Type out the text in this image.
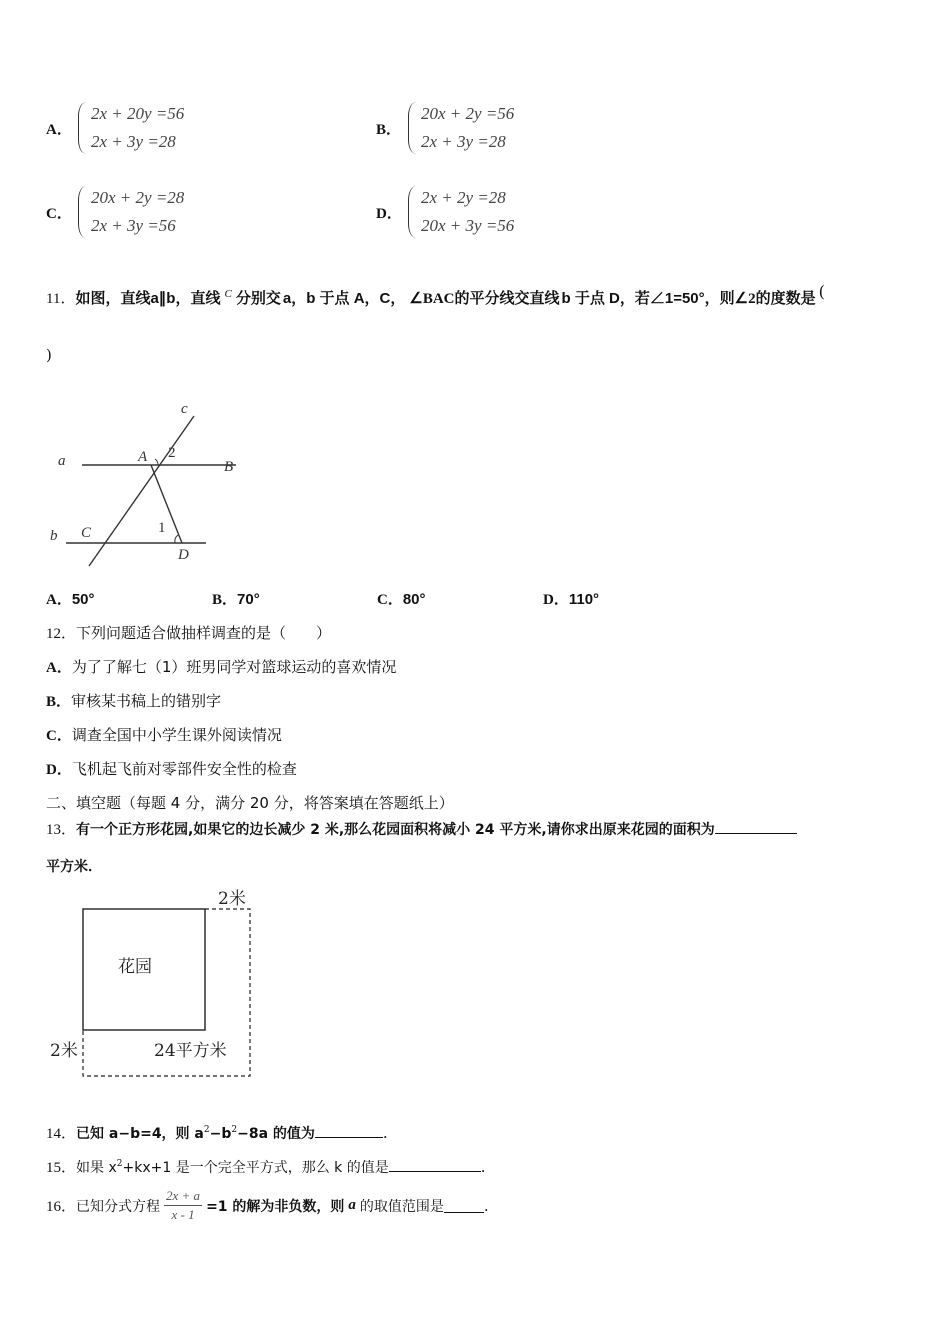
A．
2x + 20y =56
2x + 3y =28
B．
20x + 2y =56
2x + 3y =28
C．
20x + 2y =28
2x + 3y =56
D．
2x + 2y =28
20x + 3y =56
11．如图，直线a∥b，直线 $^C$ 分别交 a，b 于点 A，C， ∠BAC的平分线交直线 b 于点 D，若∠1=50°，则∠2的度数是 (
)
c
a	A 2
B
b C	1
D
A．50°	B．70°	C．80°	D．110°
12．下列问题适合做抽样调查的是（　　）
A．为了了解七（1）班男同学对篮球运动的喜欢情况
B．审核某书稿上的错别字
C．调查全国中小学生课外阅读情况
D．飞机起飞前对零部件安全性的检查
二、填空题（每题 4 分，满分 20 分，将答案填在答题纸上）
13．有一个正方形花园,如果它的边长减少 2 米,那么花园面积将减小 24 平方米,请你求出原来花园的面积为
平方米．
花园
2米
2米	24平方米
14．已知 a−b=4，则 $a^2-b^2-8a$ 的值为	.
15．如果 $x^2+kx+1$ 是一个完全平方式，那么 k 的值是	.
16． 已知分式方程 $\frac{2x + a}{x - 1} =1$ 的解为非负数，则 a 的取值范围是	.
